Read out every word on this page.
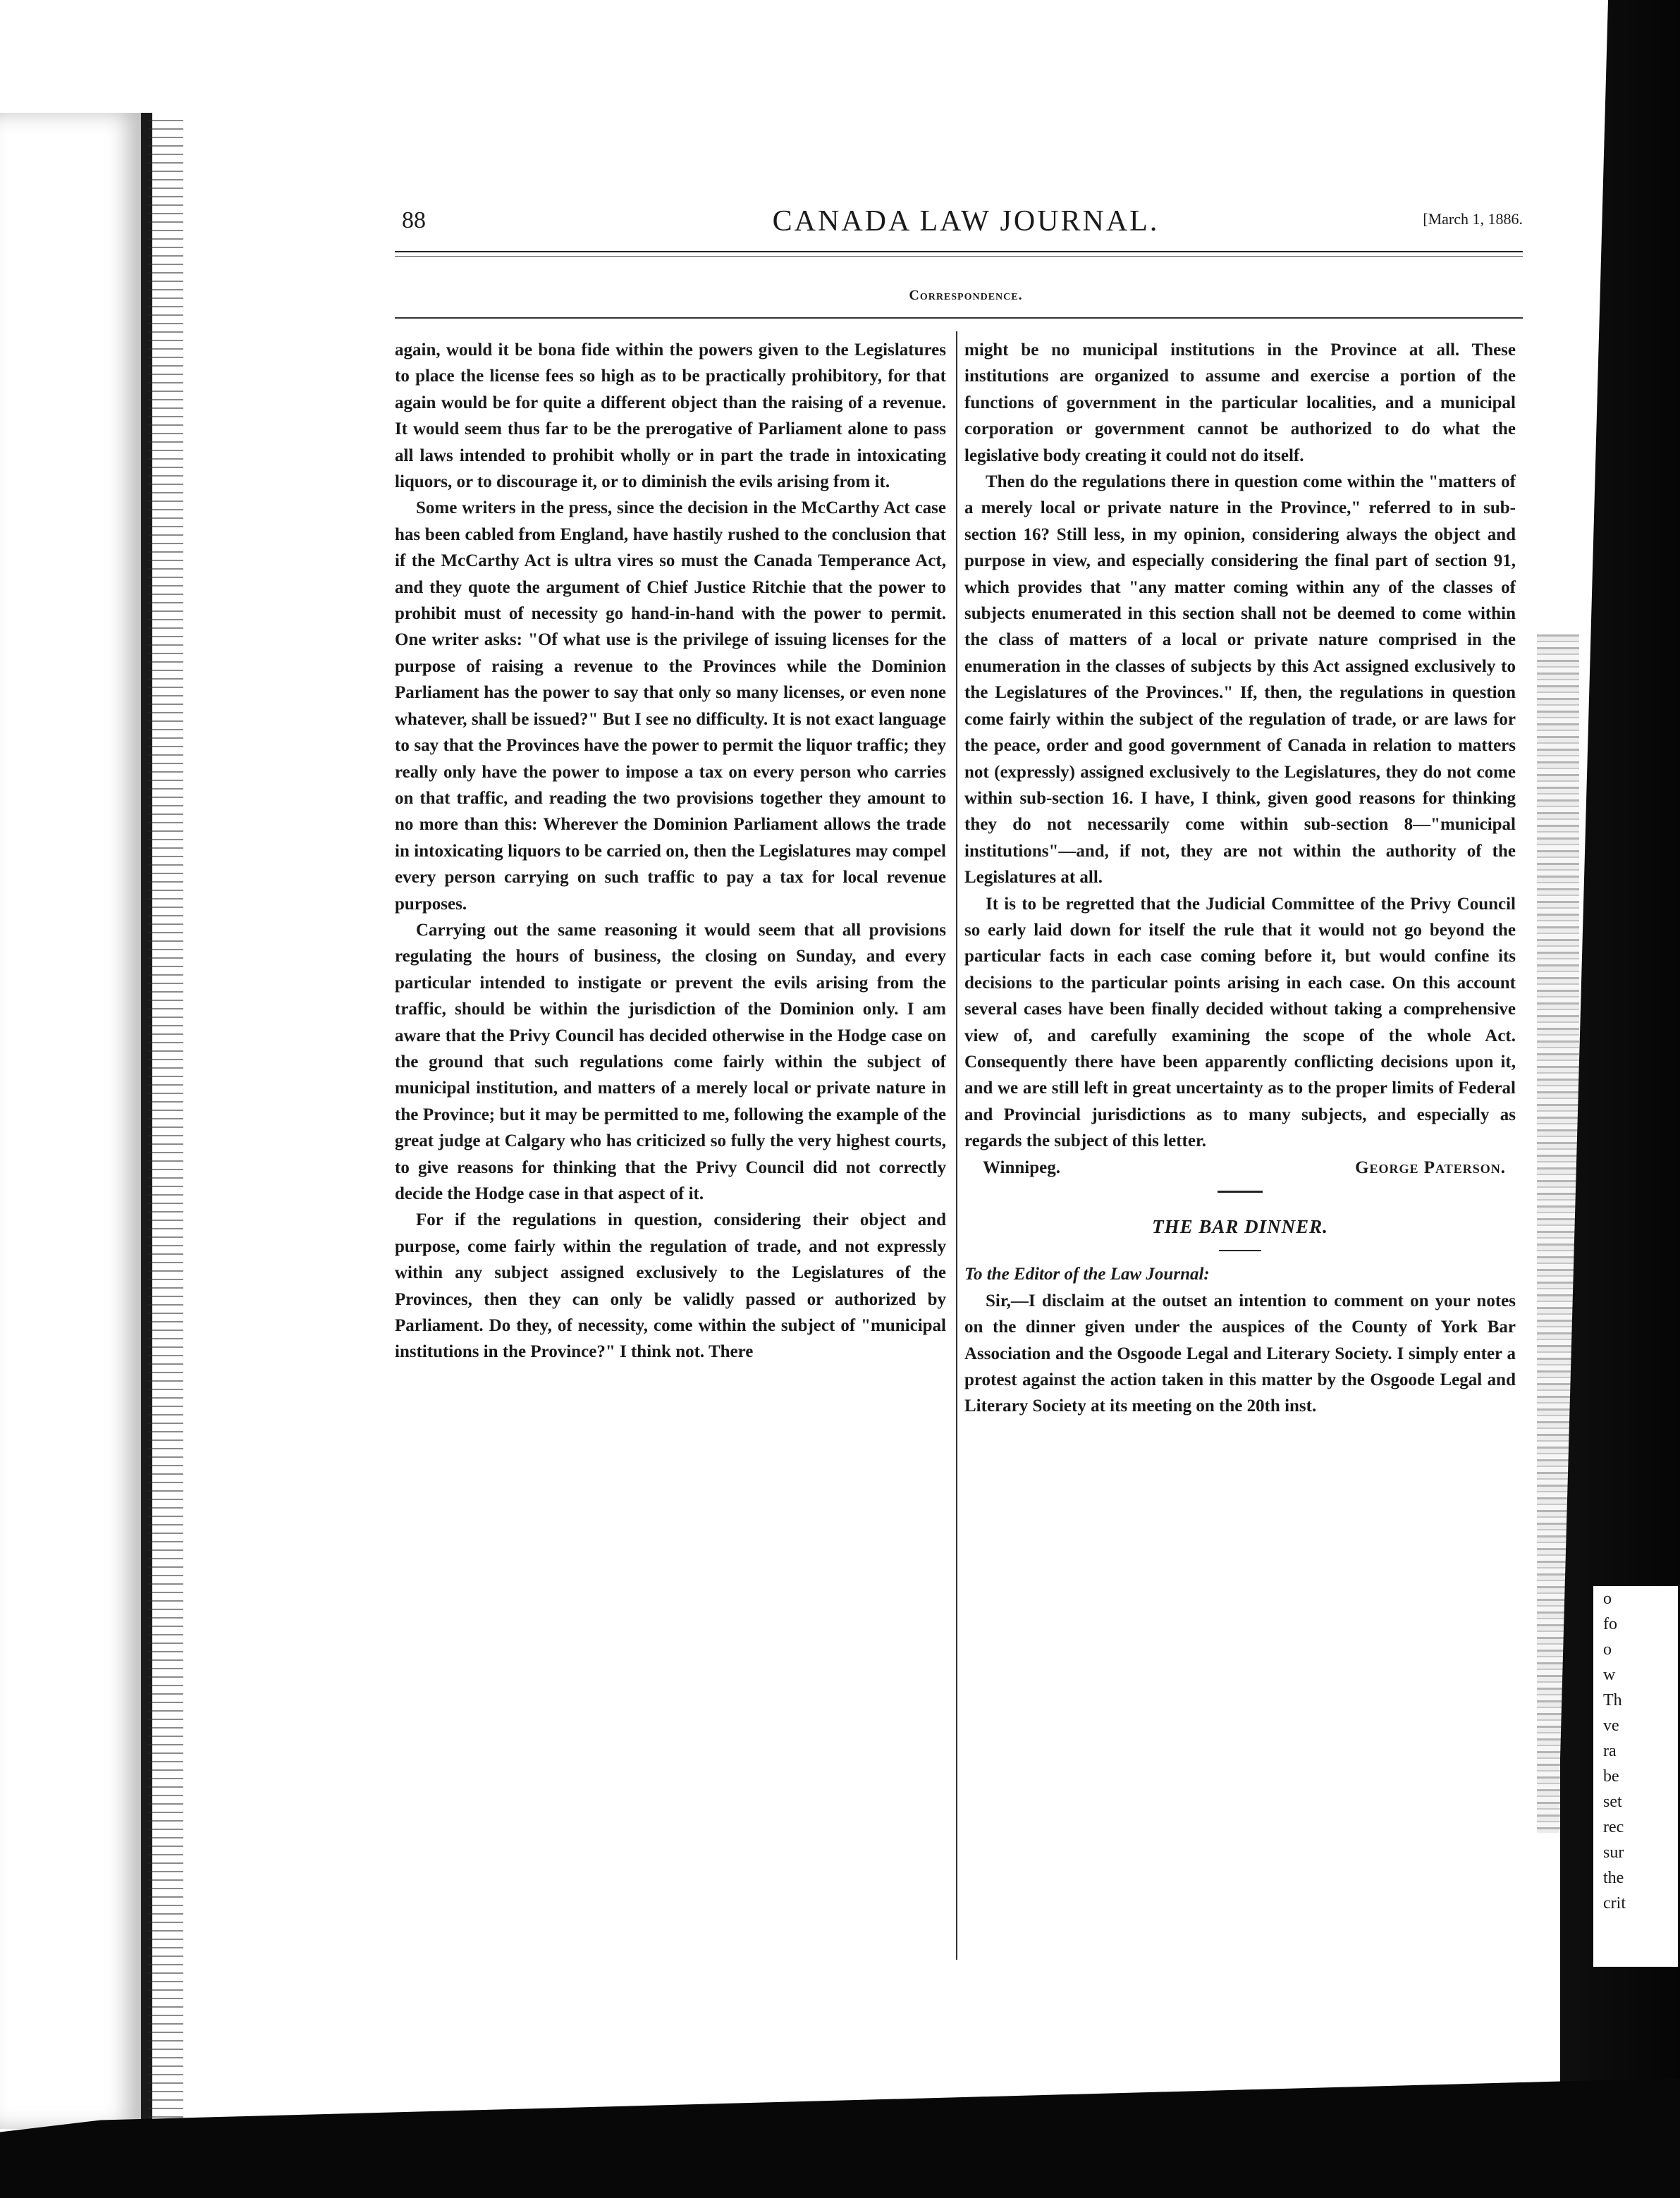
o
fo
o
w
Th
ve
ra
be
set
rec
sur
the
crit
88	CANADA LAW JOURNAL.	[March 1, 1886.
Correspondence.

again, would it be bona fide within the powers given to the Legislatures to place the license fees so high as to be practically prohibitory, for that again would be for quite a different object than the raising of a revenue. It would seem thus far to be the prerogative of Parliament alone to pass all laws intended to prohibit wholly or in part the trade in intoxicating liquors, or to discourage it, or to diminish the evils arising from it.

Some writers in the press, since the decision in the McCarthy Act case has been cabled from England, have hastily rushed to the conclusion that if the McCarthy Act is ultra vires so must the Canada Temperance Act, and they quote the argument of Chief Justice Ritchie that the power to prohibit must of necessity go hand-in-hand with the power to permit. One writer asks: "Of what use is the privilege of issuing licenses for the purpose of raising a revenue to the Provinces while the Dominion Parliament has the power to say that only so many licenses, or even none whatever, shall be issued?" But I see no difficulty. It is not exact language to say that the Provinces have the power to permit the liquor traffic; they really only have the power to impose a tax on every person who carries on that traffic, and reading the two provisions together they amount to no more than this: Wherever the Dominion Parliament allows the trade in intoxicating liquors to be carried on, then the Legislatures may compel every person carrying on such traffic to pay a tax for local revenue purposes.

Carrying out the same reasoning it would seem that all provisions regulating the hours of business, the closing on Sunday, and every particular intended to instigate or prevent the evils arising from the traffic, should be within the jurisdiction of the Dominion only. I am aware that the Privy Council has decided otherwise in the Hodge case on the ground that such regulations come fairly within the subject of municipal institution, and matters of a merely local or private nature in the Province; but it may be permitted to me, following the example of the great judge at Calgary who has criticized so fully the very highest courts, to give reasons for thinking that the Privy Council did not correctly decide the Hodge case in that aspect of it.

For if the regulations in question, considering their object and purpose, come fairly within the regulation of trade, and not expressly within any subject assigned exclusively to the Legislatures of the Provinces, then they can only be validly passed or authorized by Parliament. Do they, of necessity, come within the subject of "municipal institutions in the Province?" I think not. There

might be no municipal institutions in the Province at all. These institutions are organized to assume and exercise a portion of the functions of government in the particular localities, and a municipal corporation or government cannot be authorized to do what the legislative body creating it could not do itself.

Then do the regulations there in question come within the "matters of a merely local or private nature in the Province," referred to in sub-section 16? Still less, in my opinion, considering always the object and purpose in view, and especially considering the final part of section 91, which provides that "any matter coming within any of the classes of subjects enumerated in this section shall not be deemed to come within the class of matters of a local or private nature comprised in the enumeration in the classes of subjects by this Act assigned exclusively to the Legislatures of the Provinces." If, then, the regulations in question come fairly within the subject of the regulation of trade, or are laws for the peace, order and good government of Canada in relation to matters not (expressly) assigned exclusively to the Legislatures, they do not come within sub-section 16. I have, I think, given good reasons for thinking they do not necessarily come within sub-section 8—"municipal institutions"—and, if not, they are not within the authority of the Legislatures at all.

It is to be regretted that the Judicial Committee of the Privy Council so early laid down for itself the rule that it would not go beyond the particular facts in each case coming before it, but would confine its decisions to the particular points arising in each case. On this account several cases have been finally decided without taking a comprehensive view of, and carefully examining the scope of the whole Act. Consequently there have been apparently conflicting decisions upon it, and we are still left in great uncertainty as to the proper limits of Federal and Provincial jurisdictions as to many subjects, and especially as regards the subject of this letter.

Winnipeg.	George Paterson.
THE BAR DINNER.

To the Editor of the Law Journal:

Sir,—I disclaim at the outset an intention to comment on your notes on the dinner given under the auspices of the County of York Bar Association and the Osgoode Legal and Literary Society. I simply enter a protest against the action taken in this matter by the Osgoode Legal and Literary Society at its meeting on the 20th inst.
